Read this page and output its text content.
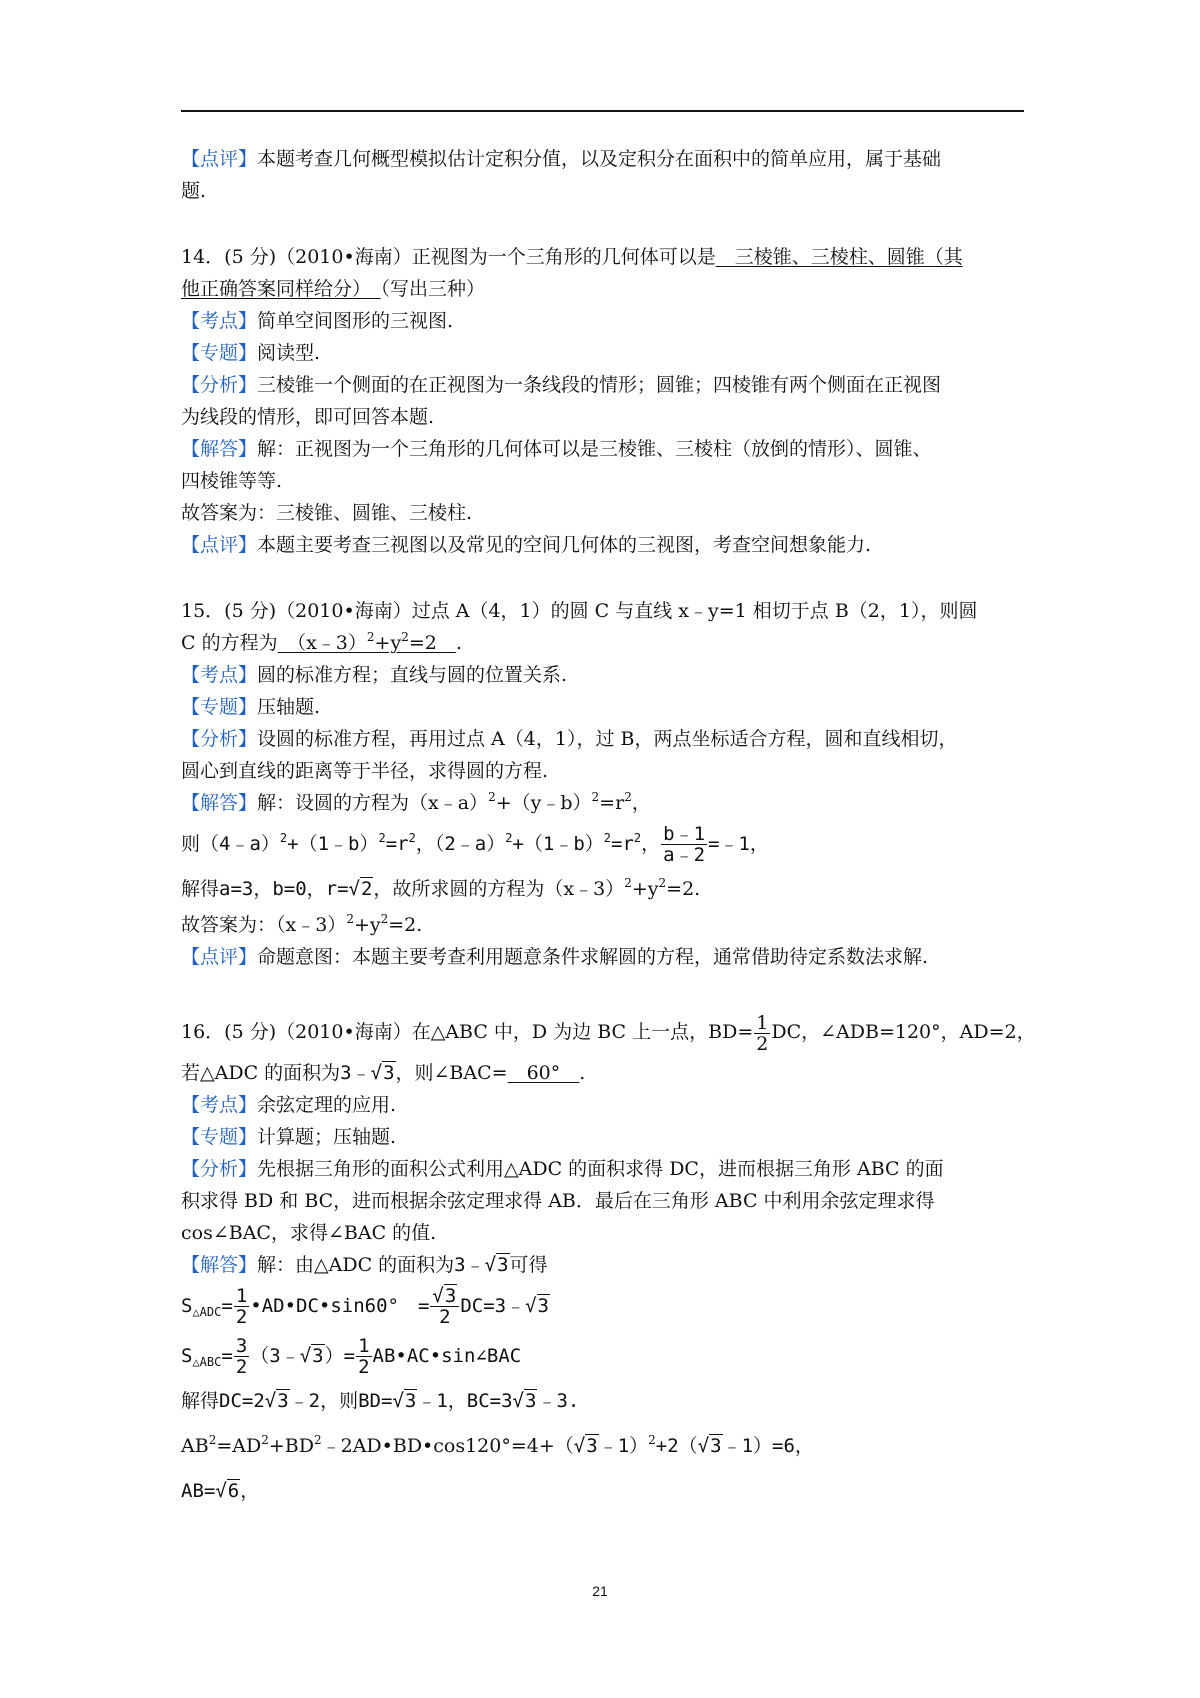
【点评】本题考查几何概型模拟估计定积分值，以及定积分在面积中的简单应用，属于基础
题.
14．(5 分)（2010•海南）正视图为一个三角形的几何体可以是　三棱锥、三棱柱、圆锥（其
他正确答案同样给分）　（写出三种）
【考点】简单空间图形的三视图.
【专题】阅读型.
【分析】三棱锥一个侧面的在正视图为一条线段的情形；圆锥；四棱锥有两个侧面在正视图
为线段的情形，即可回答本题.
【解答】解：正视图为一个三角形的几何体可以是三棱锥、三棱柱（放倒的情形）、圆锥、
四棱锥等等.
故答案为：三棱锥、圆锥、三棱柱.
【点评】本题主要考查三视图以及常见的空间几何体的三视图，考查空间想象能力.
15．(5 分)（2010•海南）过点 A（4，1）的圆 C 与直线 x﹣y=1 相切于点 B（2，1），则圆
C 的方程为　$(x﹣3)^2+y^2=2$　.
【考点】圆的标准方程；直线与圆的位置关系.
【专题】压轴题.
【分析】设圆的标准方程，再用过点 A（4，1），过 B，两点坐标适合方程，圆和直线相切，
圆心到直线的距离等于半径，求得圆的方程.
【解答】解：设圆的方程为$(x﹣a)^2+(y﹣b)^2=r^2$，
则$(4﹣a)^2+(1﹣b)^2=r^2$，$(2﹣a)^2+(1﹣b)^2=r^2$， $\frac{b﹣1}{a﹣2}$ =﹣1，
解得a=3，b=0，r=√2，故所求圆的方程为$(x﹣3)^2+y^2=2$.
故答案为：$(x﹣3)^2+y^2=2$.
【点评】命题意图：本题主要考查利用题意条件求解圆的方程，通常借助待定系数法求解.
16．(5 分)（2010•海南）在△ABC 中，D 为边 BC 上一点，$BD= \frac{1}{2}$ DC，∠ADB=120°，AD=2，
若△ADC 的面积为3﹣√3，则∠BAC=　60°　.
【考点】余弦定理的应用.
【专题】计算题；压轴题.
【分析】先根据三角形的面积公式利用△ADC 的面积求得 DC，进而根据三角形 ABC 的面
积求得 BD 和 BC，进而根据余弦定理求得 AB．最后在三角形 ABC 中利用余弦定理求得
cos∠BAC，求得∠BAC 的值.
【解答】解：由△ADC 的面积为3﹣√3可得
$S_{\triangle ADC}= \frac{1}{2}$ •AD•DC•sin60°　= $\frac{√3}{2}$ DC=3﹣√3
$S_{\triangle ABC}= \frac{3}{2}$ （3﹣√3）= $\frac{1}{2}$ AB•AC•sin∠BAC
解得DC=2√3﹣2，则BD=√3﹣1，BC=3√3﹣3.
$AB^2=AD^2+BD^2﹣2AD•BD•\cos 120^\circ=4+(√3﹣1)^2+2(√3﹣1)=6$，
AB=√6，
21
